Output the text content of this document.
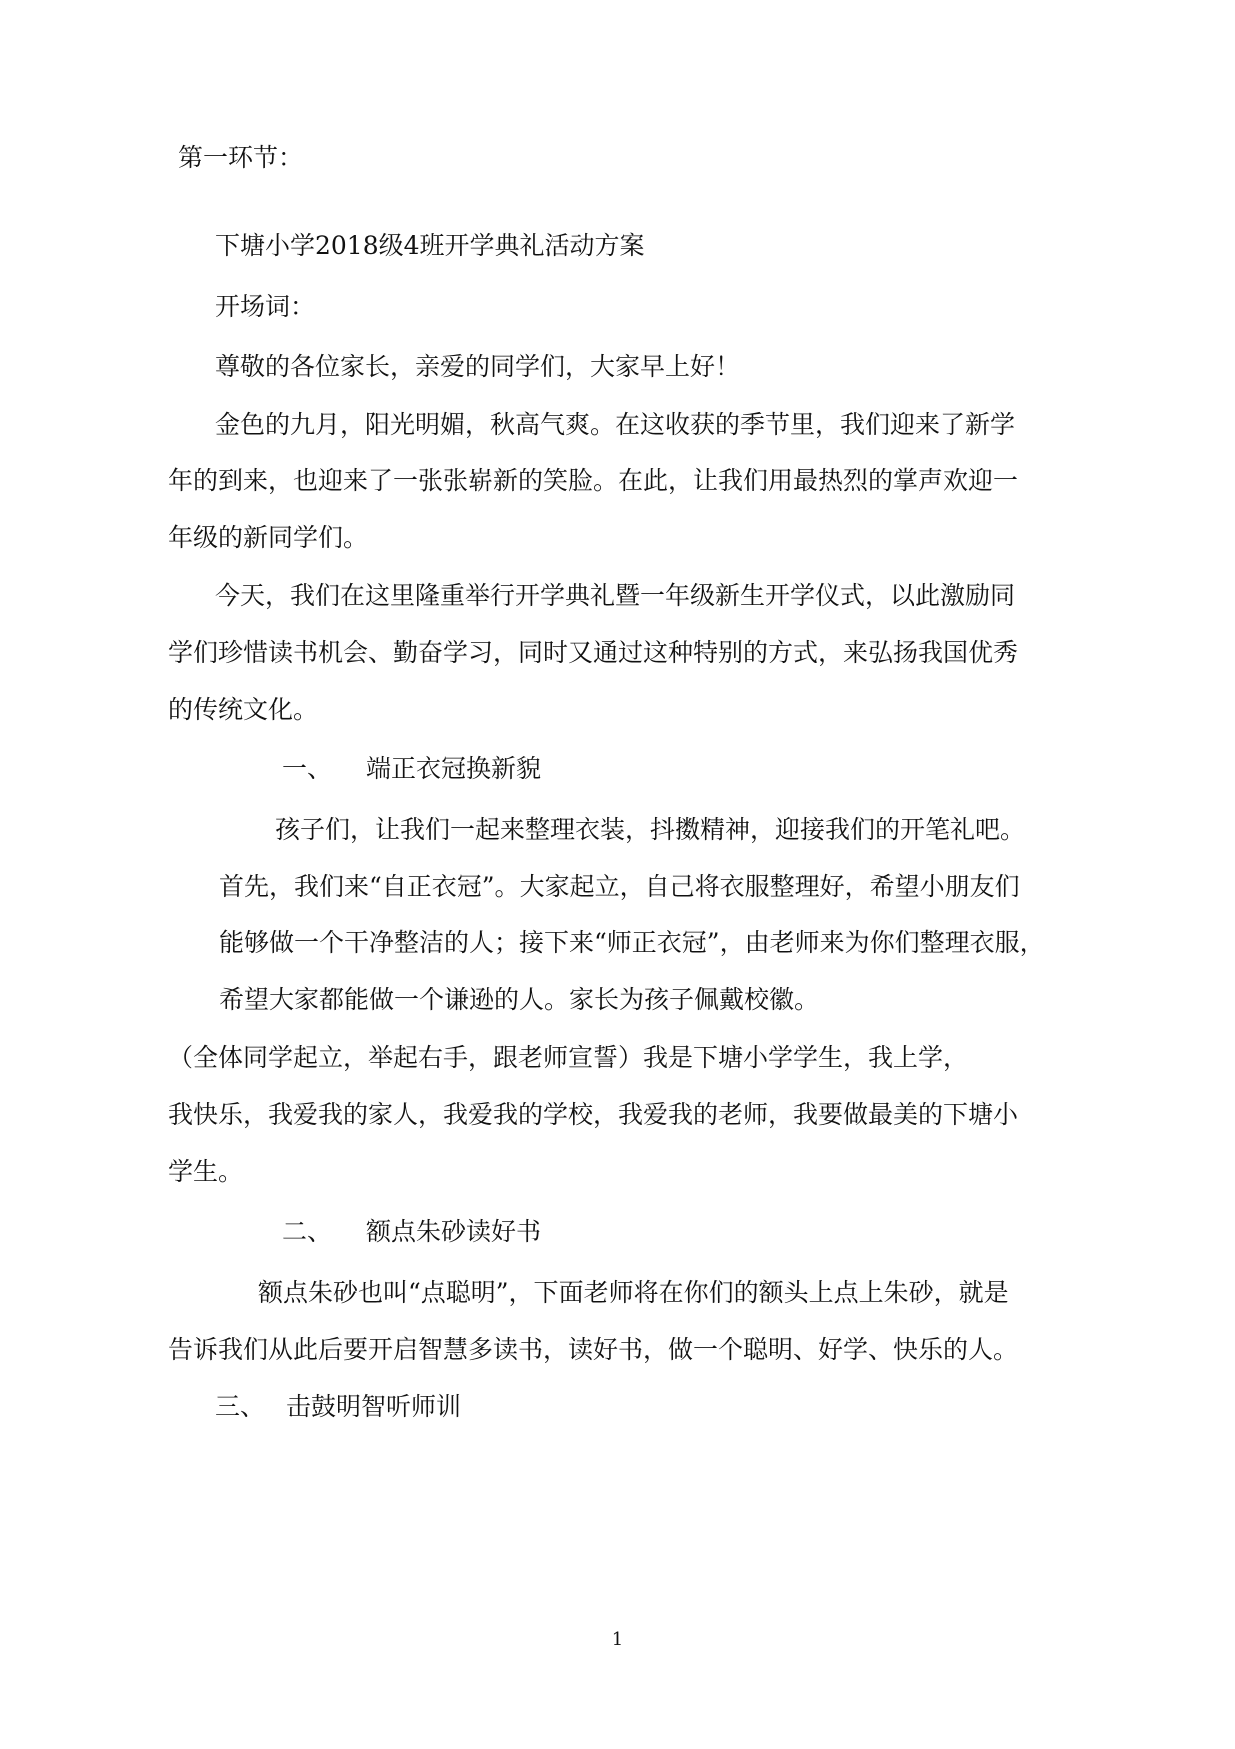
第一环节：
下塘小学2018级4班开学典礼活动方案
开场词：
尊敬的各位家长，亲爱的同学们，大家早上好！
金色的九月，阳光明媚，秋高气爽。在这收获的季节里，我们迎来了新学
年的到来，也迎来了一张张崭新的笑脸。在此，让我们用最热烈的掌声欢迎一
年级的新同学们。
今天，我们在这里隆重举行开学典礼暨一年级新生开学仪式，以此激励同
学们珍惜读书机会、勤奋学习，同时又通过这种特别的方式，来弘扬我国优秀
的传统文化。
一、 端正衣冠换新貌
孩子们，让我们一起来整理衣装，抖擞精神，迎接我们的开笔礼吧。
首先，我们来“自正衣冠”。大家起立，自己将衣服整理好，希望小朋友们
能够做一个干净整洁的人；接下来“师正衣冠”，由老师来为你们整理衣服，
希望大家都能做一个谦逊的人。家长为孩子佩戴校徽。
（全体同学起立，举起右手，跟老师宣誓）我是下塘小学学生，我上学，
我快乐，我爱我的家人，我爱我的学校，我爱我的老师，我要做最美的下塘小
学生。
二、 额点朱砂读好书
额点朱砂也叫“点聪明”，下面老师将在你们的额头上点上朱砂，就是
告诉我们从此后要开启智慧多读书，读好书，做一个聪明、好学、快乐的人。
三、 击鼓明智听师训
1
